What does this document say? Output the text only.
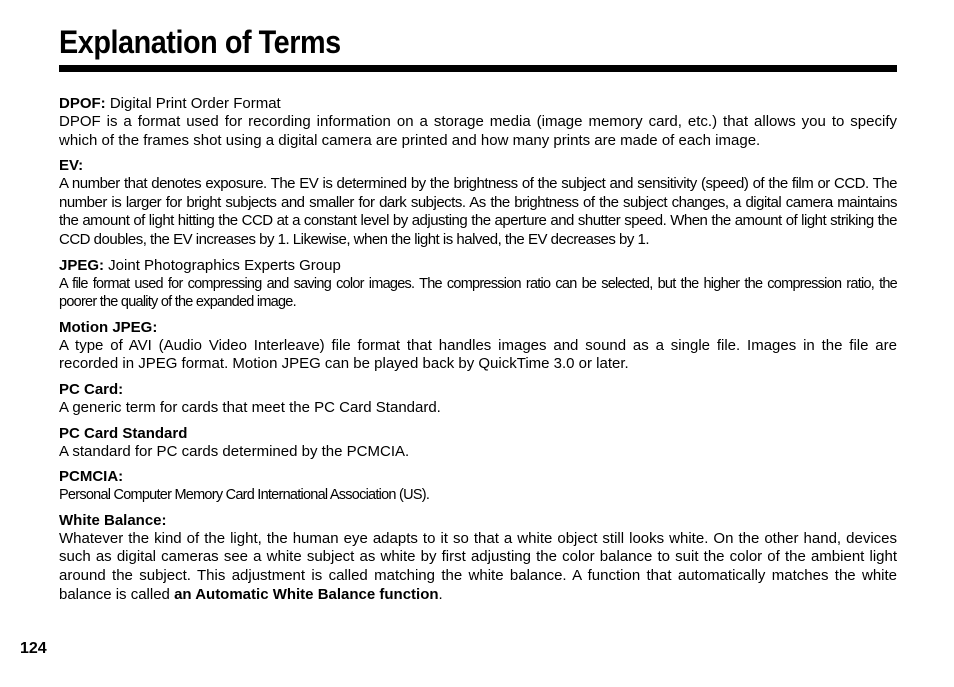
Explanation of Terms
DPOF: Digital Print Order Format

DPOF is a format used for recording information on a storage media (image memory card, etc.) that allows you to specify which of the frames shot using a digital camera are printed and how many prints are made of each image.

EV:

A number that denotes exposure. The EV is determined by the brightness of the subject and sensitivity (speed) of the film or CCD. The number is larger for bright subjects and smaller for dark subjects. As the brightness of the subject changes, a digital camera maintains the amount of light hitting the CCD at a constant level by adjusting the aperture and shutter speed. When the amount of light striking the CCD doubles, the EV increases by 1. Likewise, when the light is halved, the EV decreases by 1.

JPEG: Joint Photographics Experts Group

A file format used for compressing and saving color images. The compression ratio can be selected, but the higher the compression ratio, the poorer the quality of the expanded image.

Motion JPEG:

A type of AVI (Audio Video Interleave) file format that handles images and sound as a single file. Images in the file are recorded in JPEG format. Motion JPEG can be played back by QuickTime 3.0 or later.

PC Card:

A generic term for cards that meet the PC Card Standard.

PC Card Standard

A standard for PC cards determined by the PCMCIA.

PCMCIA:

Personal Computer Memory Card International Association (US).

White Balance:

Whatever the kind of the light, the human eye adapts to it so that a white object still looks white. On the other hand, devices such as digital cameras see a white subject as white by first adjusting the color balance to suit the color of the ambient light around the subject. This adjustment is called matching the white balance. A function that automatically matches the white balance is called an Automatic White Balance function.

124
